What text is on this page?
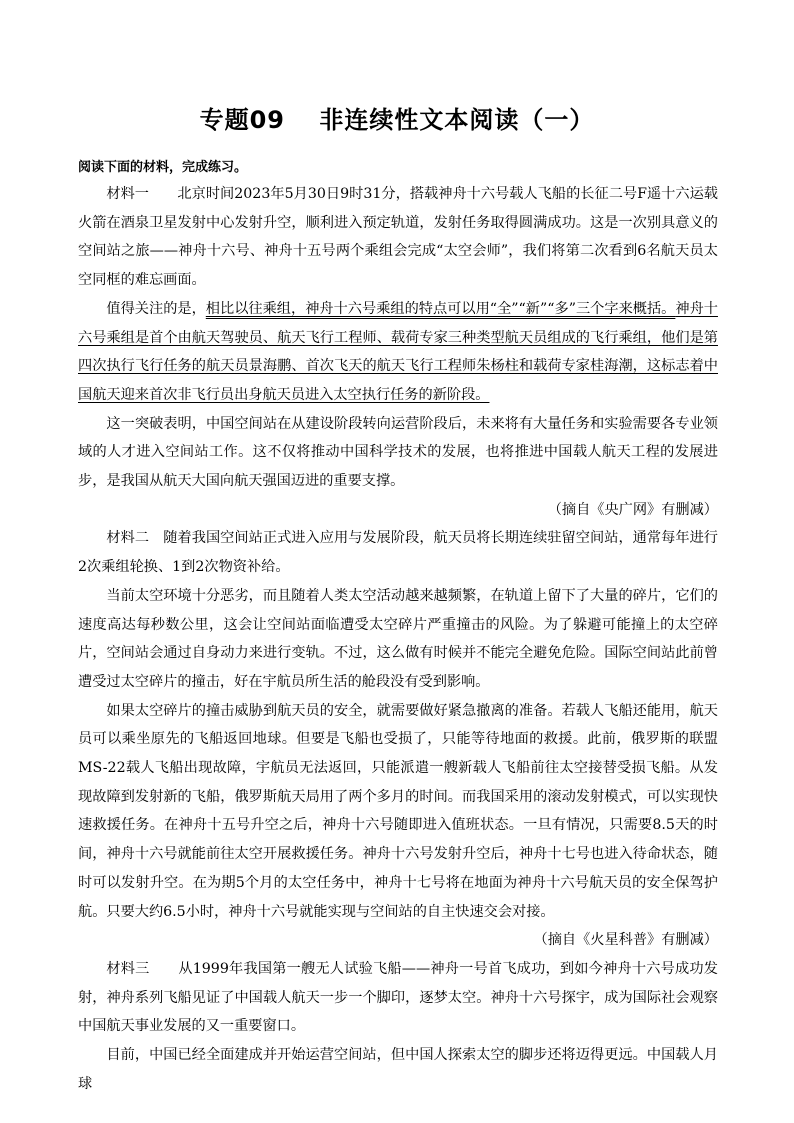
专题09　 非连续性文本阅读（一）
阅读下面的材料，完成练习。

材料一　　北京时间2023年5月30日9时31分，搭载神舟十六号载人飞船的长征二号F遥十六运载火箭在酒泉卫星发射中心发射升空，顺利进入预定轨道，发射任务取得圆满成功。这是一次别具意义的空间站之旅——神舟十六号、神舟十五号两个乘组会完成“太空会师”，我们将第二次看到6名航天员太空同框的难忘画面。

值得关注的是，相比以往乘组，神舟十六号乘组的特点可以用“全”“新”“多”三个字来概括。神舟十六号乘组是首个由航天驾驶员、航天飞行工程师、载荷专家三种类型航天员组成的飞行乘组，他们是第四次执行飞行任务的航天员景海鹏、首次飞天的航天飞行工程师朱杨柱和载荷专家桂海潮，这标志着中国航天迎来首次非飞行员出身航天员进入太空执行任务的新阶段。

这一突破表明，中国空间站在从建设阶段转向运营阶段后，未来将有大量任务和实验需要各专业领域的人才进入空间站工作。这不仅将推动中国科学技术的发展，也将推进中国载人航天工程的发展进步，是我国从航天大国向航天强国迈进的重要支撑。

（摘自《央广网》有删减）

材料二　随着我国空间站正式进入应用与发展阶段，航天员将长期连续驻留空间站，通常每年进行2次乘组轮换、1到2次物资补给。

当前太空环境十分恶劣，而且随着人类太空活动越来越频繁，在轨道上留下了大量的碎片，它们的速度高达每秒数公里，这会让空间站面临遭受太空碎片严重撞击的风险。为了躲避可能撞上的太空碎片，空间站会通过自身动力来进行变轨。不过，这么做有时候并不能完全避免危险。国际空间站此前曾遭受过太空碎片的撞击，好在宇航员所生活的舱段没有受到影响。

如果太空碎片的撞击威胁到航天员的安全，就需要做好紧急撤离的准备。若载人飞船还能用，航天员可以乘坐原先的飞船返回地球。但要是飞船也受损了，只能等待地面的救援。此前，俄罗斯的联盟MS-22载人飞船出现故障，宇航员无法返回，只能派遣一艘新载人飞船前往太空接替受损飞船。从发现故障到发射新的飞船，俄罗斯航天局用了两个多月的时间。而我国采用的滚动发射模式，可以实现快速救援任务。在神舟十五号升空之后，神舟十六号随即进入值班状态。一旦有情况，只需要8.5天的时间，神舟十六号就能前往太空开展救援任务。神舟十六号发射升空后，神舟十七号也进入待命状态，随时可以发射升空。在为期5个月的太空任务中，神舟十七号将在地面为神舟十六号航天员的安全保驾护航。只要大约6.5小时，神舟十六号就能实现与空间站的自主快速交会对接。

（摘自《火星科普》有删减）

材料三　　从1999年我国第一艘无人试验飞船——神舟一号首飞成功，到如今神舟十六号成功发射，神舟系列飞船见证了中国载人航天一步一个脚印，逐梦太空。神舟十六号探宇，成为国际社会观察中国航天事业发展的又一重要窗口。

目前，中国已经全面建成并开始运营空间站，但中国人探索太空的脚步还将迈得更远。中国载人月球
